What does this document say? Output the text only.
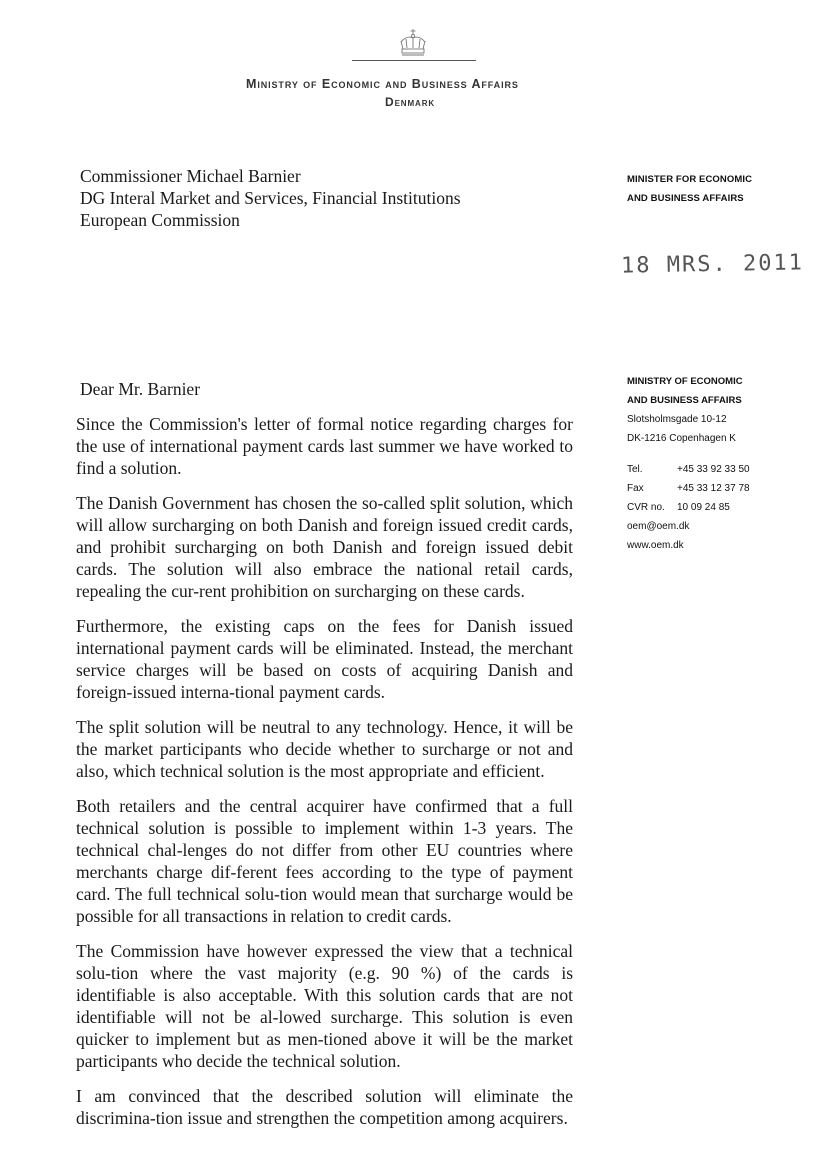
Ministry of Economic and Business Affairs
Denmark
Commissioner Michael Barnier
DG Interal Market and Services, Financial Institutions
European Commission
MINISTER FOR ECONOMIC
AND BUSINESS AFFAIRS
18 MRS. 2011
MINISTRY OF ECONOMIC
AND BUSINESS AFFAIRS
Slotsholmsgade 10-12
DK-1216 Copenhagen K
Tel.	+45 33 92 33 50
Fax	+45 33 12 37 78
CVR no.	10 09 24 85
oem@oem.dk
www.oem.dk
Dear Mr. Barnier

Since the Commission's letter of formal notice regarding charges for the use of international payment cards last summer we have worked to find a solution.

The Danish Government has chosen the so-called split solution, which will allow surcharging on both Danish and foreign issued credit cards, and prohibit surcharging on both Danish and foreign issued debit cards. The solution will also embrace the national retail cards, repealing the cur-rent prohibition on surcharging on these cards.

Furthermore, the existing caps on the fees for Danish issued international payment cards will be eliminated. Instead, the merchant service charges will be based on costs of acquiring Danish and foreign-issued interna-tional payment cards.

The split solution will be neutral to any technology. Hence, it will be the market participants who decide whether to surcharge or not and also, which technical solution is the most appropriate and efficient.

Both retailers and the central acquirer have confirmed that a full technical solution is possible to implement within 1-3 years. The technical chal-lenges do not differ from other EU countries where merchants charge dif-ferent fees according to the type of payment card. The full technical solu-tion would mean that surcharge would be possible for all transactions in relation to credit cards.

The Commission have however expressed the view that a technical solu-tion where the vast majority (e.g. 90 %) of the cards is identifiable is also acceptable. With this solution cards that are not identifiable will not be al-lowed surcharge. This solution is even quicker to implement but as men-tioned above it will be the market participants who decide the technical solution.

I am convinced that the described solution will eliminate the discrimina-tion issue and strengthen the competition among acquirers.
